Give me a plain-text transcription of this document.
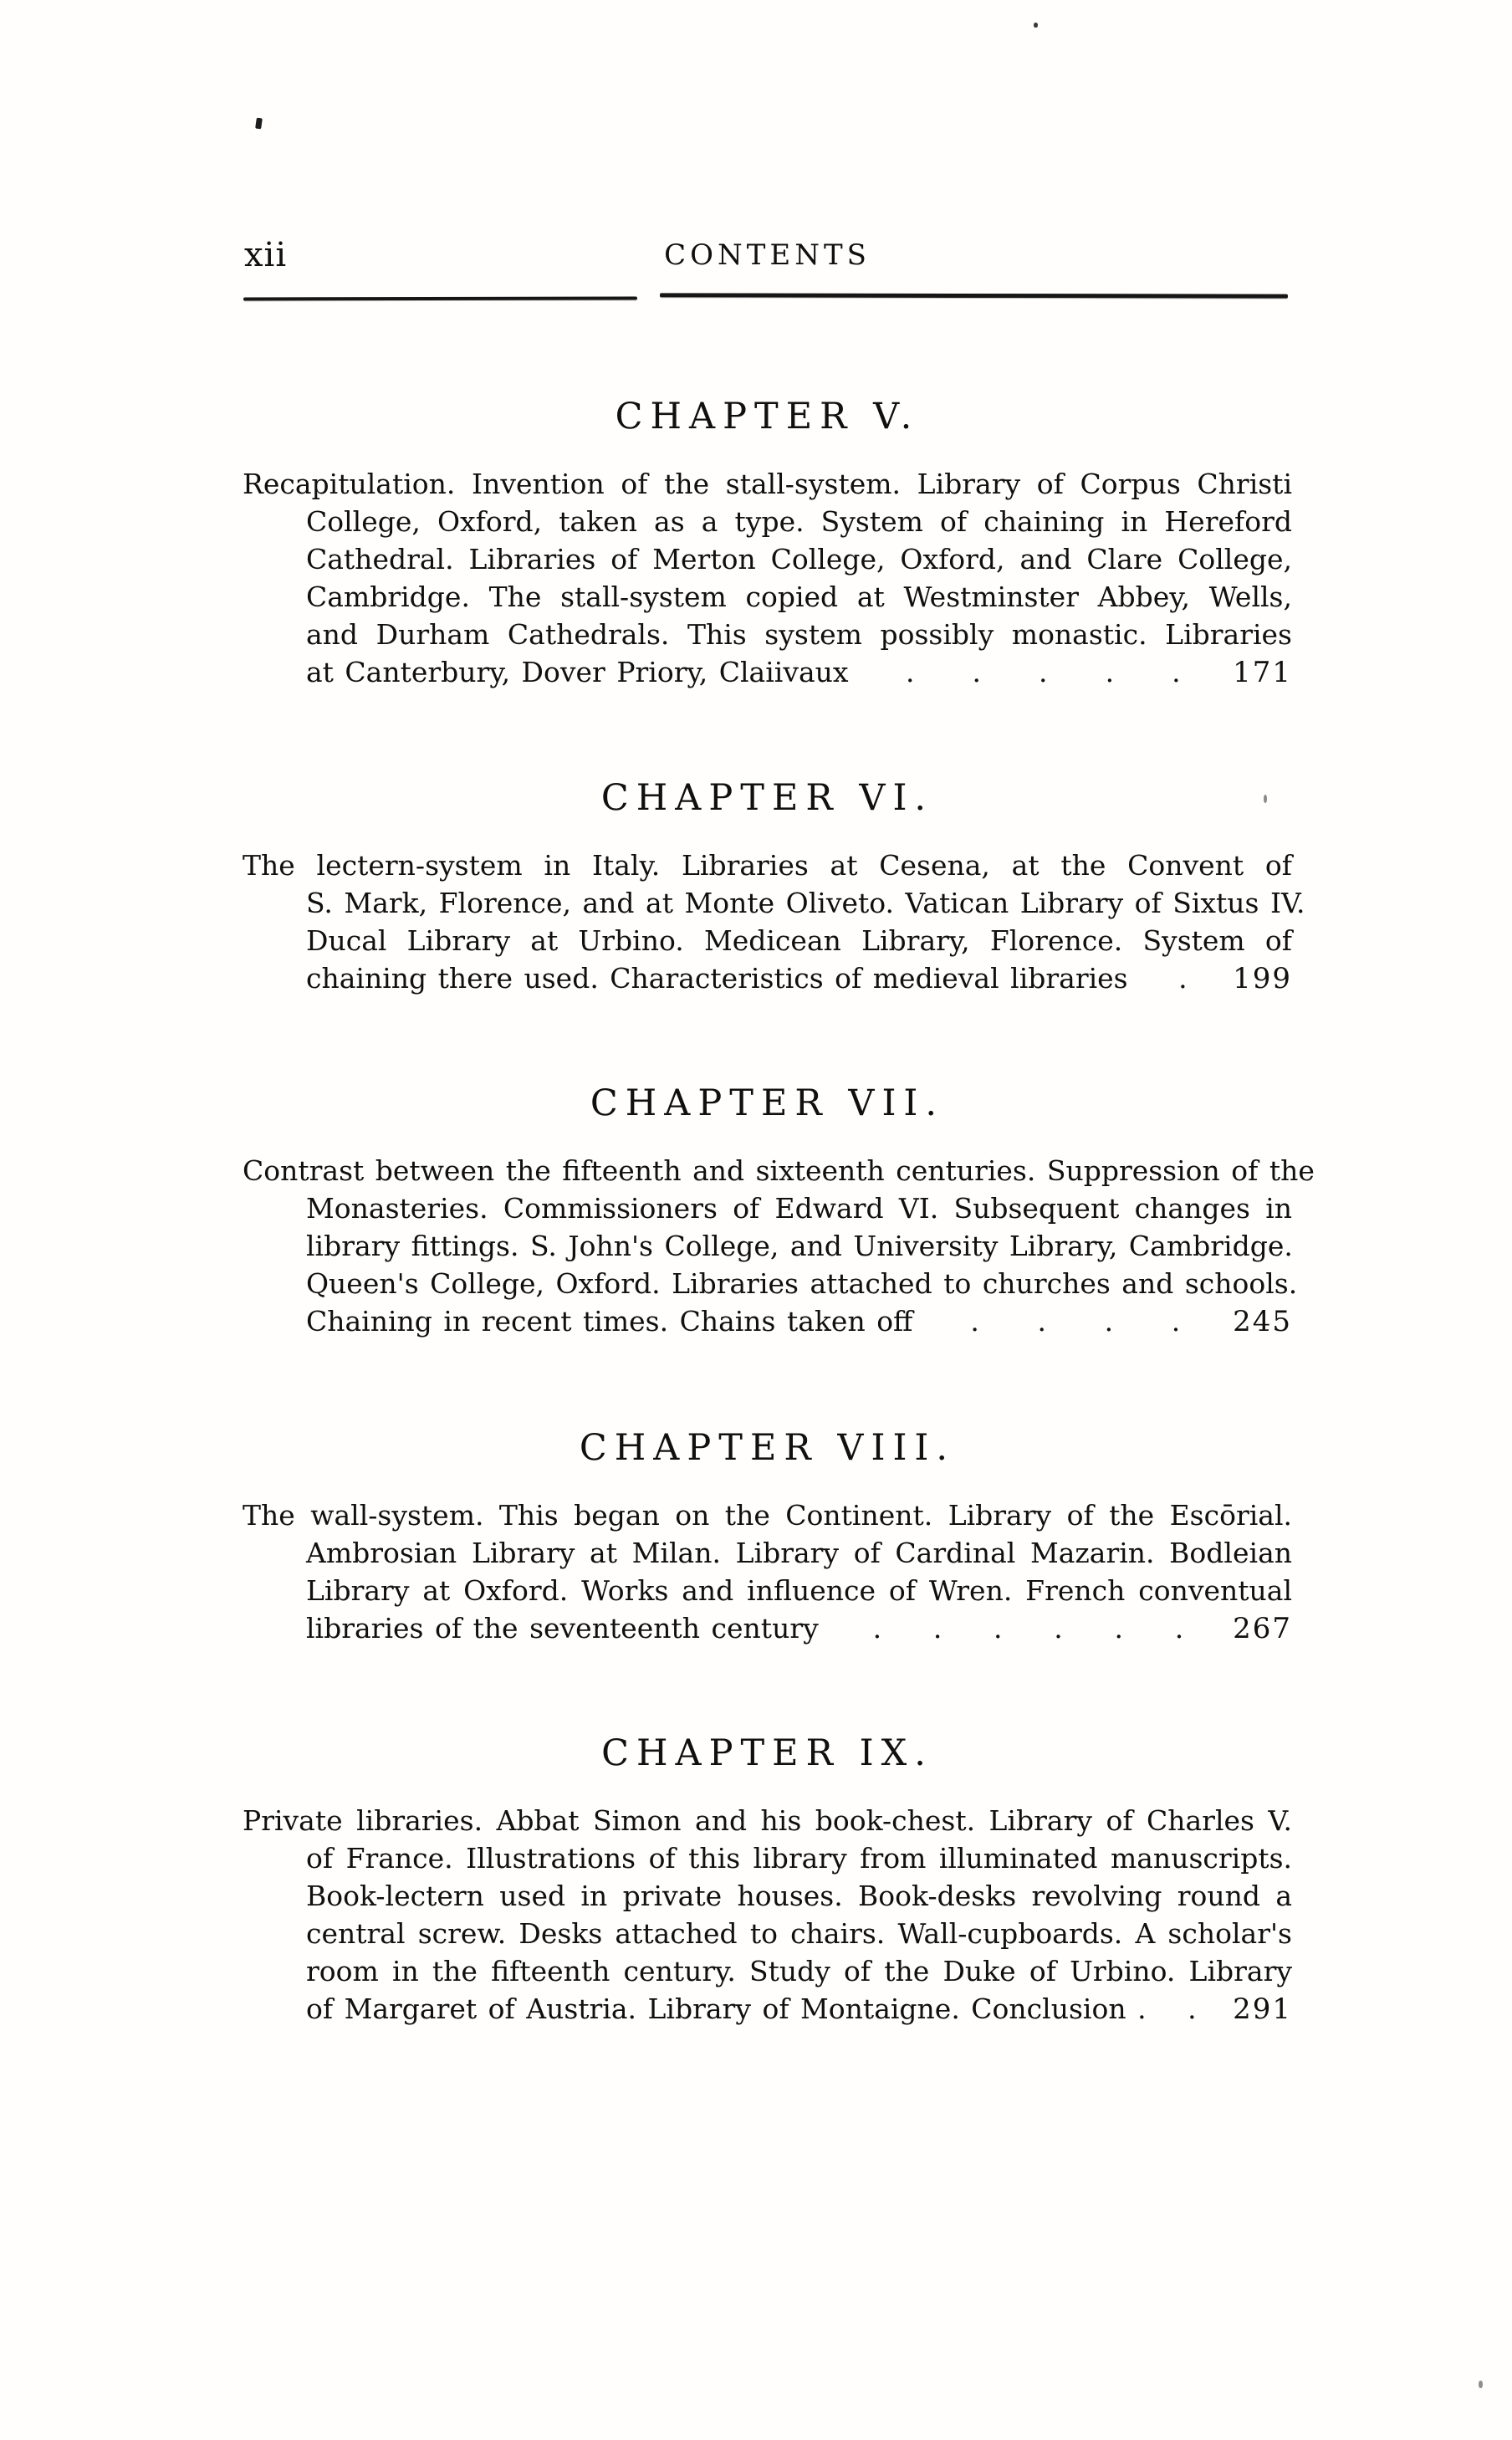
xii	CONTENTS
CHAPTER V.
Recapitulation. Invention of the stall-system. Library of Corpus Christi
College, Oxford, taken as a type. System of chaining in Hereford
Cathedral. Libraries of Merton College, Oxford, and Clare College,
Cambridge. The stall-system copied at Westminster Abbey, Wells,
and Durham Cathedrals. This system possibly monastic. Libraries
at Canterbury, Dover Priory, Claiivaux . . . . . 171
CHAPTER VI.
The lectern-system in Italy. Libraries at Cesena, at the Convent of
S. Mark, Florence, and at Monte Oliveto. Vatican Library of Sixtus IV.
Ducal Library at Urbino. Medicean Library, Florence. System of
chaining there used. Characteristics of medieval libraries . 199
CHAPTER VII.
Contrast between the fifteenth and sixteenth centuries. Suppression of the
Monasteries. Commissioners of Edward VI. Subsequent changes in
library fittings. S. John's College, and University Library, Cambridge.
Queen's College, Oxford. Libraries attached to churches and schools.
Chaining in recent times. Chains taken off . . . . 245
CHAPTER VIII.
The wall-system. This began on the Continent. Library of the Escōrial.
Ambrosian Library at Milan. Library of Cardinal Mazarin. Bodleian
Library at Oxford. Works and influence of Wren. French conventual
libraries of the seventeenth century . . . . . . 267
CHAPTER IX.
Private libraries. Abbat Simon and his book-chest. Library of Charles V.
of France. Illustrations of this library from illuminated manuscripts.
Book-lectern used in private houses. Book-desks revolving round a
central screw. Desks attached to chairs. Wall-cupboards. A scholar's
room in the fifteenth century. Study of the Duke of Urbino. Library
of Margaret of Austria. Library of Montaigne. Conclusion . . 291
